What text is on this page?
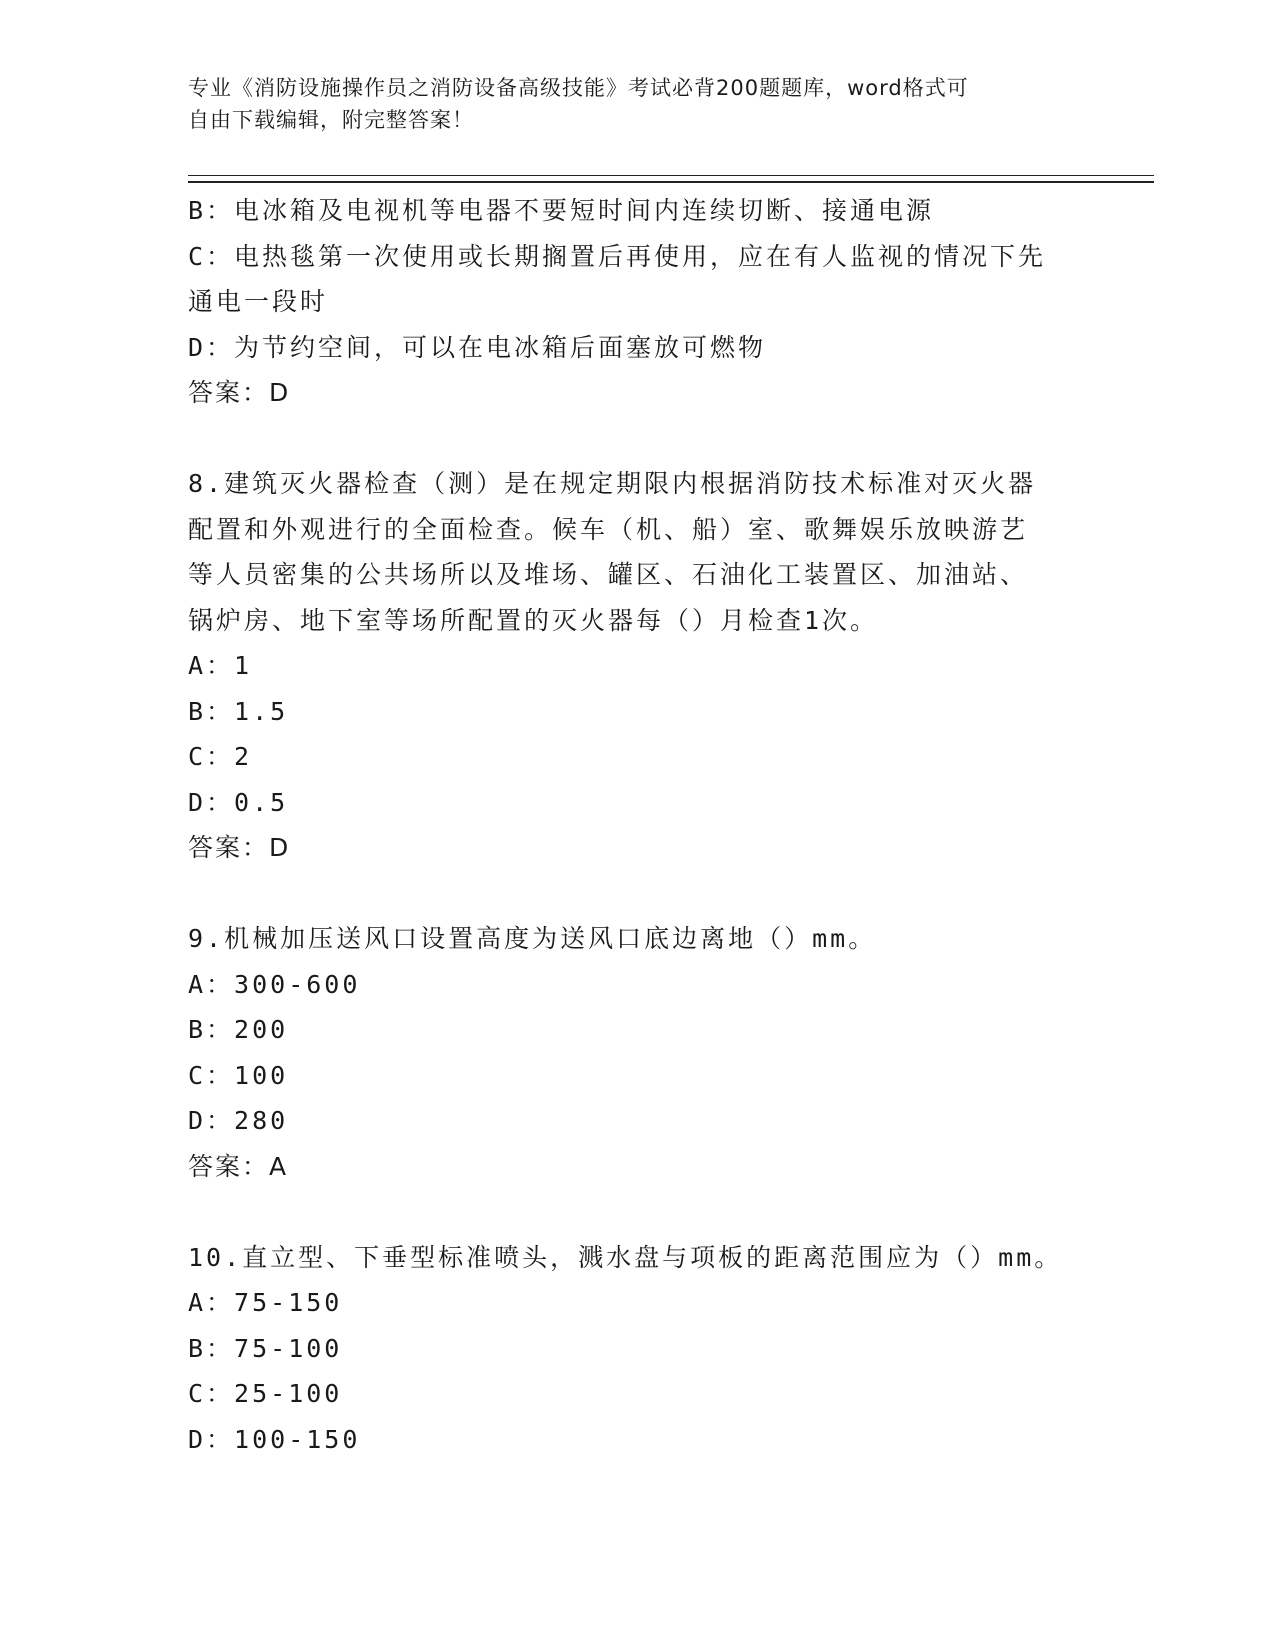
专业《消防设施操作员之消防设备高级技能》考试必背200题题库，word格式可
自由下载编辑，附完整答案！
B：电冰箱及电视机等电器不要短时间内连续切断、接通电源
C：电热毯第一次使用或长期搁置后再使用，应在有人监视的情况下先
通电一段时
D：为节约空间，可以在电冰箱后面塞放可燃物
答案：D
8.建筑灭火器检查（测）是在规定期限内根据消防技术标准对灭火器
配置和外观进行的全面检查。候车（机、船）室、歌舞娱乐放映游艺
等人员密集的公共场所以及堆场、罐区、石油化工装置区、加油站、
锅炉房、地下室等场所配置的灭火器每（）月检查1次。
A：1
B：1.5
C：2
D：0.5
答案：D
9.机械加压送风口设置高度为送风口底边离地（）mm。
A：300-600
B：200
C：100
D：280
答案：A
10.直立型、下垂型标准喷头，溅水盘与项板的距离范围应为（）mm。
A：75-150
B：75-100
C：25-100
D：100-150
